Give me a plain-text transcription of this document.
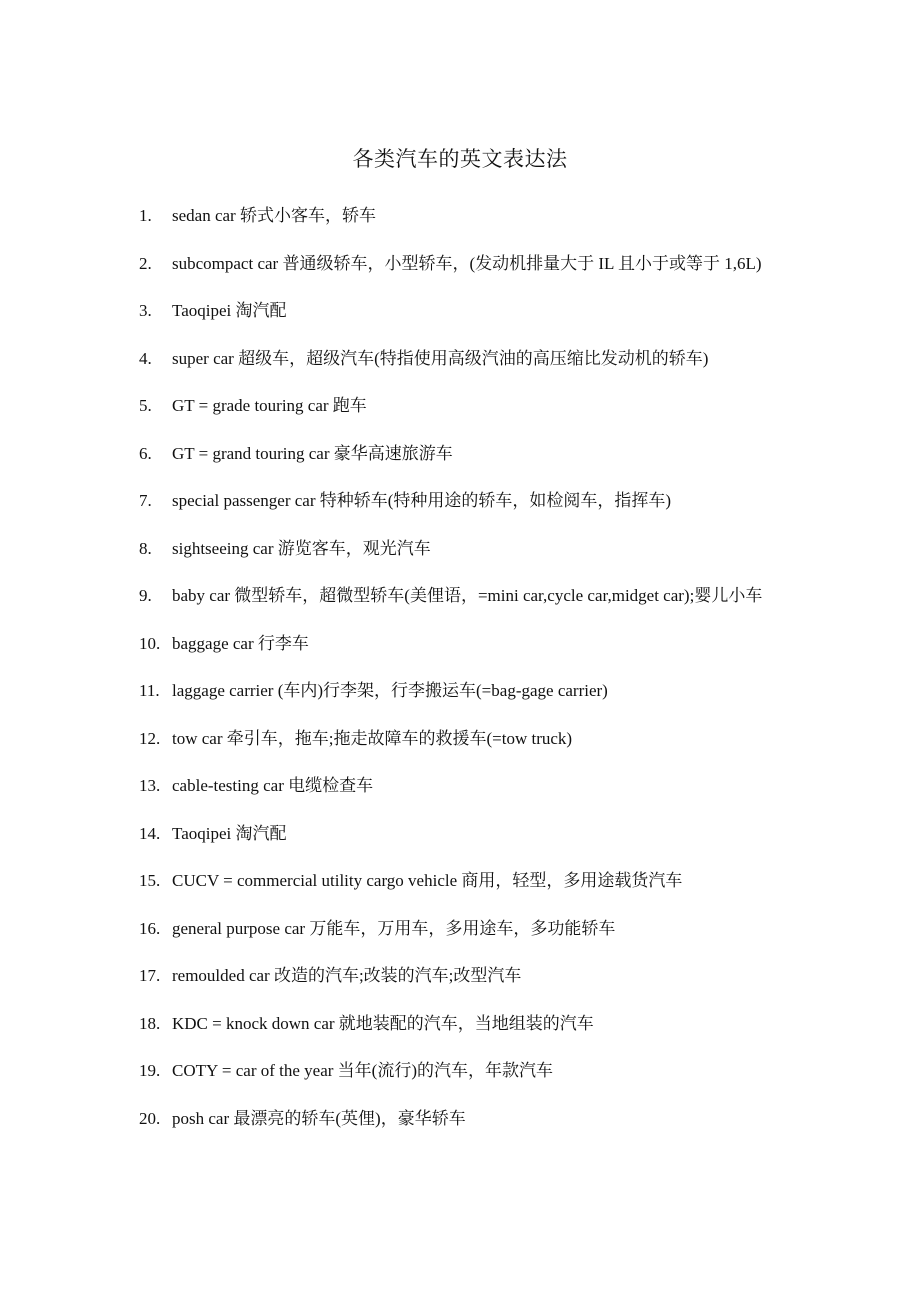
各类汽车的英文表达法
1.	sedan car 轿式小客车，轿车
2.	subcompact car 普通级轿车，小型轿车，(发动机排量大于 IL 且小于或等于 1,6L)
3.	Taoqipei 淘汽配
4.	super car 超级车，超级汽车(特指使用高级汽油的高压缩比发动机的轿车)
5.	GT = grade touring car 跑车
6.	GT = grand touring car 豪华高速旅游车
7.	special passenger car 特种轿车(特种用途的轿车，如检阅车，指挥车)
8.	sightseeing car 游览客车，观光汽车
9.	baby car 微型轿车，超微型轿车(美俚语，=mini car,cycle car,midget car);婴儿小车
10. baggage car 行李车
11. laggage carrier (车内)行李架，行李搬运车(=bag-gage carrier)
12. tow car 牵引车，拖车;拖走故障车的救援车(=tow truck)
13. cable-testing car 电缆检查车
14. Taoqipei 淘汽配
15. CUCV = commercial utility cargo vehicle 商用，轻型，多用途载货汽车
16. general purpose car 万能车，万用车，多用途车，多功能轿车
17. remoulded car 改造的汽车;改装的汽车;改型汽车
18. KDC = knock down car 就地装配的汽车，当地组装的汽车
19. COTY = car of the year 当年(流行)的汽车，年款汽车
20. posh car 最漂亮的轿车(英俚)，豪华轿车
